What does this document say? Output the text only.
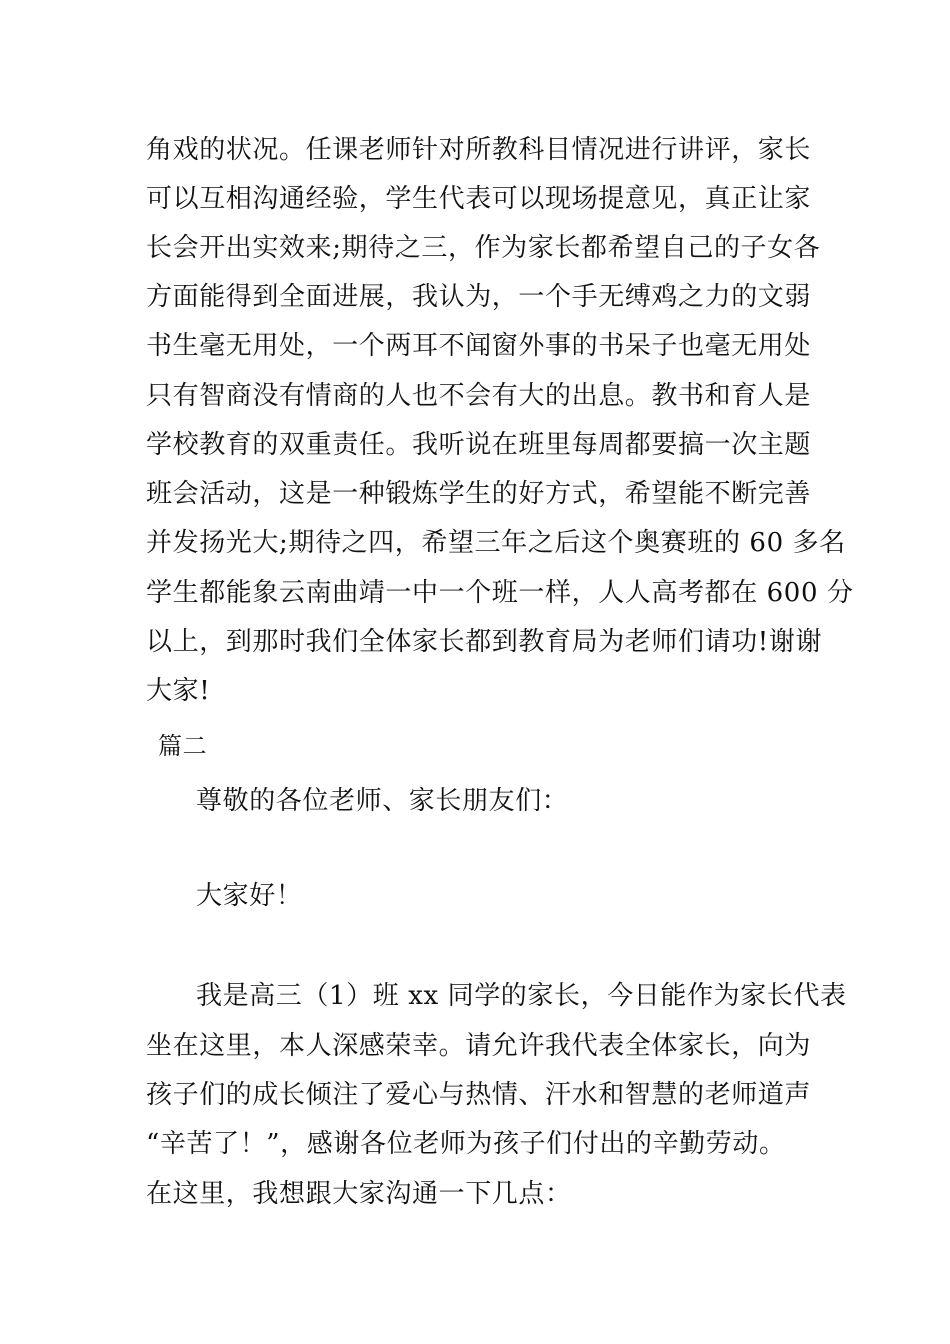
角戏的状况。任课老师针对所教科目情况进行讲评，家长
可以互相沟通经验，学生代表可以现场提意见，真正让家
长会开出实效来;期待之三，作为家长都希望自己的子女各
方面能得到全面进展，我认为，一个手无缚鸡之力的文弱
书生毫无用处，一个两耳不闻窗外事的书呆子也毫无用处
只有智商没有情商的人也不会有大的出息。教书和育人是
学校教育的双重责任。我听说在班里每周都要搞一次主题
班会活动，这是一种锻炼学生的好方式，希望能不断完善
并发扬光大;期待之四，希望三年之后这个奥赛班的 60 多名
学生都能象云南曲靖一中一个班一样，人人高考都在 600 分
以上，到那时我们全体家长都到教育局为老师们请功!谢谢
大家!
篇二
尊敬的各位老师、家长朋友们：
大家好！
我是高三（1）班 xx 同学的家长，今日能作为家长代表
坐在这里，本人深感荣幸。请允许我代表全体家长，向为
孩子们的成长倾注了爱心与热情、汗水和智慧的老师道声
“辛苦了！”，感谢各位老师为孩子们付出的辛勤劳动。
在这里，我想跟大家沟通一下几点：
